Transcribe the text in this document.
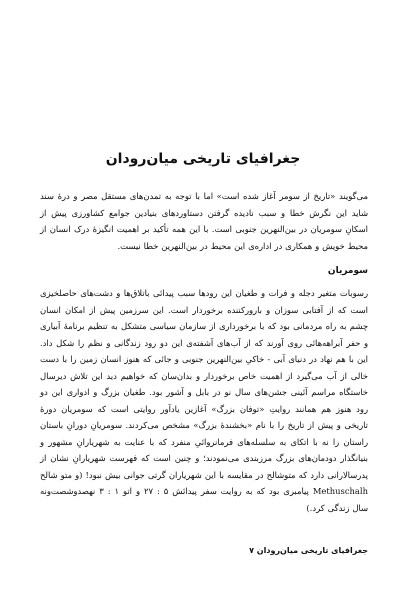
جغرافیای تاریخی میان‌رودان

می‌گویند «تاریخ از سومر آغاز شده است» اما با توجه به تمدن‌های مستقل مصر و درهٔ سند شاید این نگرش خطا و سبب نادیده گرفتن دستاوردهای بنیادین جوامع کشاورزی پیش از اسکانِ سومریان در بین‌النهرین جنوبی است. با این همه تأکید بر اهمیت انگیزهٔ درک انسان از محیط خویش و همکاری در اداره‌ی این محیط در بین‌النهرین خطا نیست.

سومریان

رسوبات متغیر دجله و فرات و طغیان این رودها سبب پیدائی باتلاق‌ها و دشت‌های حاصلخیزی است که از آفتابی سوزان و بارورکننده برخوردار است. این سرزمین پیش از امکان انسان چشم به راه مردمانی بود که با برخورداری از سازمان سیاسی متشکل به تنظیم برنامهٔ آبیاری و حفر آبراهه‌هائی روی آورند که از آب‌های آشفته‌ی این دو رود زندگانی و نظم را شکل داد. این با هم نهاد در دنیای آبی - خاکیِ بین‌النهرین جنوبی و جائی که هنوز انسان زمین را با دست خالی از آب می‌گیرد از اهمیت خاص برخوردار و بدان‌سان که خواهیم دید این تلاش دیرسال خاستگاه مراسم آئینی جشن‌های سال نو در بابل و آشور بود. طغیان بزرگ و ادواری این دو رود هنوز هم همانند روایتِ «توفان بزرگ» آغازین یادآور روایتی است که سومریان دورهٔ تاریخی و پیش از تاریخ را با نام «بخشندهٔ بزرگ» مشخص می‌کردند. سومریانِ دورانِ باستان راستان را نه با اتکای به سلسله‌های فرمانروائیِ منفرد که با عنایت به شهریارانِ مشهور و بنیانگذار دودمان‌های بزرگ مرزبندی می‌نمودند؛ و چنین است که فهرست شهریارانِ نشان از پدرسالارانی دارد که متوشالح در مقایسه با این شهریاران گرتی جوانی بیش نبود! (و متو شالح Methuschalh پیامبری بود که به روایت سفر پیدائش ۵ : ۲۷ و اتو ۱ : ۳ نهصدوشصت‌ونه سال زندگی کرد.)

جغرافیای تاریخی میان‌رودان ۷
